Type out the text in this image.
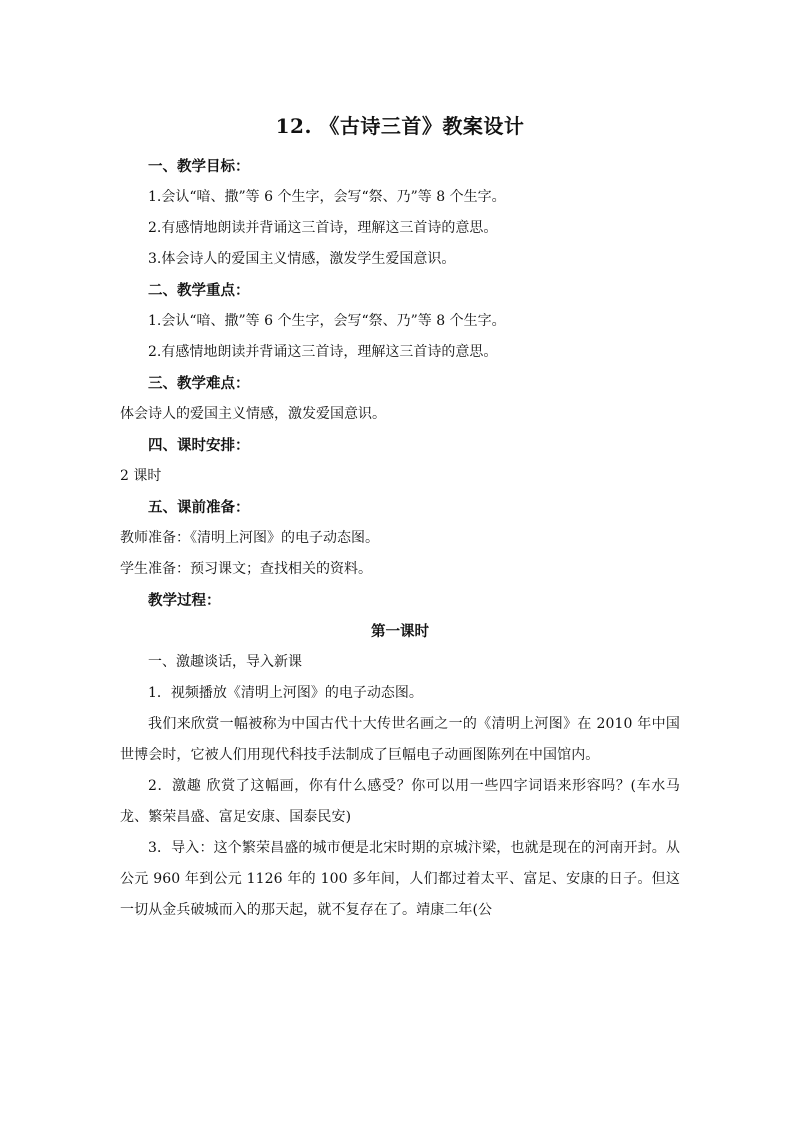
12. 《古诗三首》教案设计

一、教学目标：

1.会认“喑、撒”等 6 个生字，会写“祭、乃”等 8 个生字。

2.有感情地朗读并背诵这三首诗，理解这三首诗的意思。

3.体会诗人的爱国主义情感，激发学生爱国意识。

二、教学重点：

1.会认“喑、撒”等 6 个生字，会写“祭、乃”等 8 个生字。

2.有感情地朗读并背诵这三首诗，理解这三首诗的意思。

三、教学难点：

体会诗人的爱国主义情感，激发爱国意识。

四、课时安排：

2 课时

五、课前准备：

教师准备：《清明上河图》的电子动态图。

学生准备：预习课文；查找相关的资料。

教学过程：

第一课时

一、激趣谈话，导入新课

1．视频播放《清明上河图》的电子动态图。

我们来欣赏一幅被称为中国古代十大传世名画之一的《清明上河图》在 2010 年中国世博会时，它被人们用现代科技手法制成了巨幅电子动画图陈列在中国馆内。

2．激趣 欣赏了这幅画，你有什么感受？你可以用一些四字词语来形容吗？(车水马龙、繁荣昌盛、富足安康、国泰民安)

3．导入：这个繁荣昌盛的城市便是北宋时期的京城汴梁，也就是现在的河南开封。从公元 960 年到公元 1126 年的 100 多年间，人们都过着太平、富足、安康的日子。但这一切从金兵破城而入的那天起，就不复存在了。靖康二年(公
